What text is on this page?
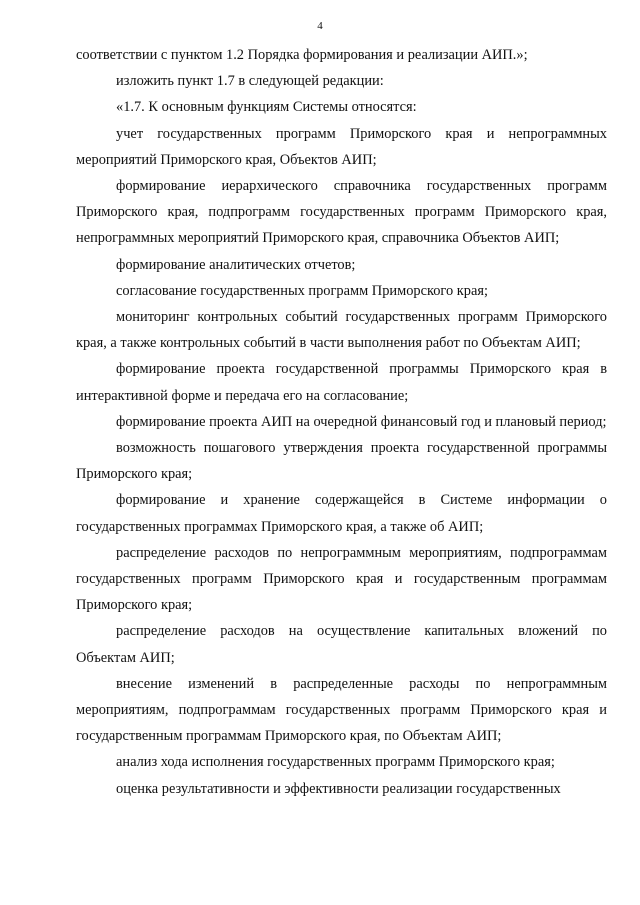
4

соответствии с пунктом 1.2 Порядка формирования и реализации АИП.»;

изложить пункт 1.7 в следующей редакции:

«1.7. К основным функциям Системы относятся:

учет государственных программ Приморского края и непрограммных мероприятий Приморского края, Объектов АИП;

формирование иерархического справочника государственных программ Приморского края, подпрограмм государственных программ Приморского края, непрограммных мероприятий Приморского края, справочника Объектов АИП;

формирование аналитических отчетов;

согласование государственных программ Приморского края;

мониторинг контрольных событий государственных программ Приморского края, а также контрольных событий в части выполнения работ по Объектам АИП;

формирование проекта государственной программы Приморского края в интерактивной форме и передача его на согласование;

формирование проекта АИП на очередной финансовый год и плановый период;

возможность пошагового утверждения проекта государственной программы Приморского края;

формирование и хранение содержащейся в Системе информации о государственных программах Приморского края, а также об АИП;

распределение расходов по непрограммным мероприятиям, подпрограммам государственных программ Приморского края и государственным программам Приморского края;

распределение расходов на осуществление капитальных вложений по Объектам АИП;

внесение изменений в распределенные расходы по непрограммным мероприятиям, подпрограммам государственных программ Приморского края и государственным программам Приморского края, по Объектам АИП;

анализ хода исполнения государственных программ Приморского края;

оценка результативности и эффективности реализации государственных
